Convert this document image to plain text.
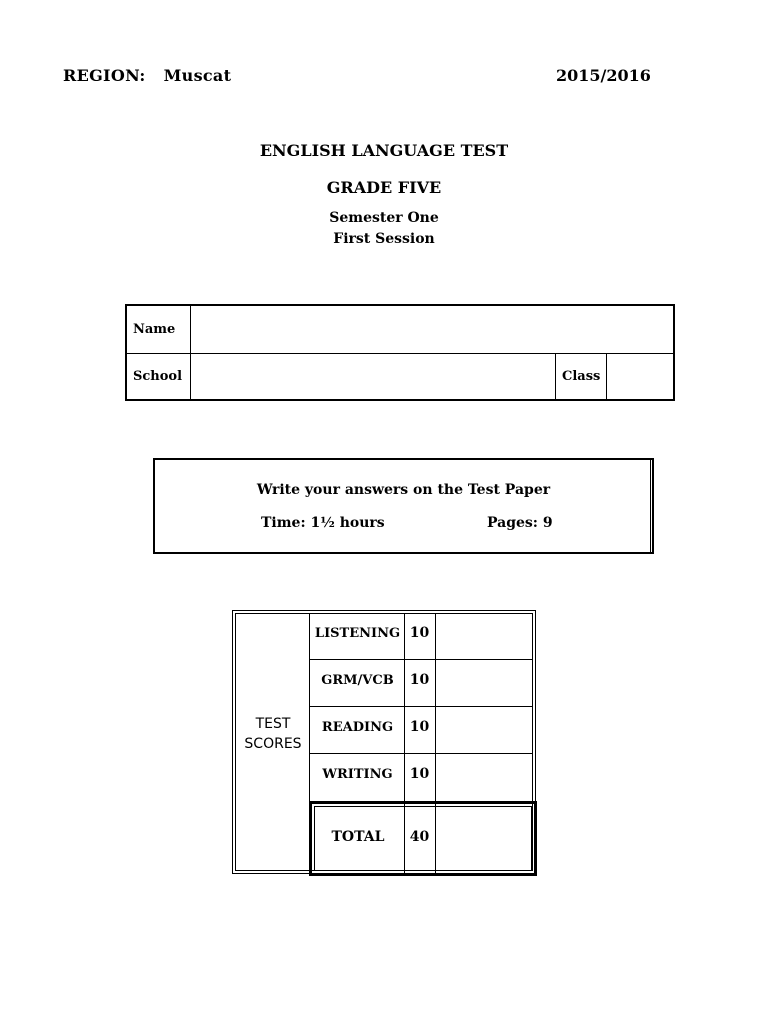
REGION: Muscat	2015/2016
ENGLISH LANGUAGE TEST
GRADE FIVE
Semester One
First Session
Name
School	Class
Write your answers on the Test Paper
Time: 1½ hours	Pages: 9
TEST
SCORES
LISTENING 10
GRM/VCB	10
READING	10
WRITING	10
TOTAL	40
